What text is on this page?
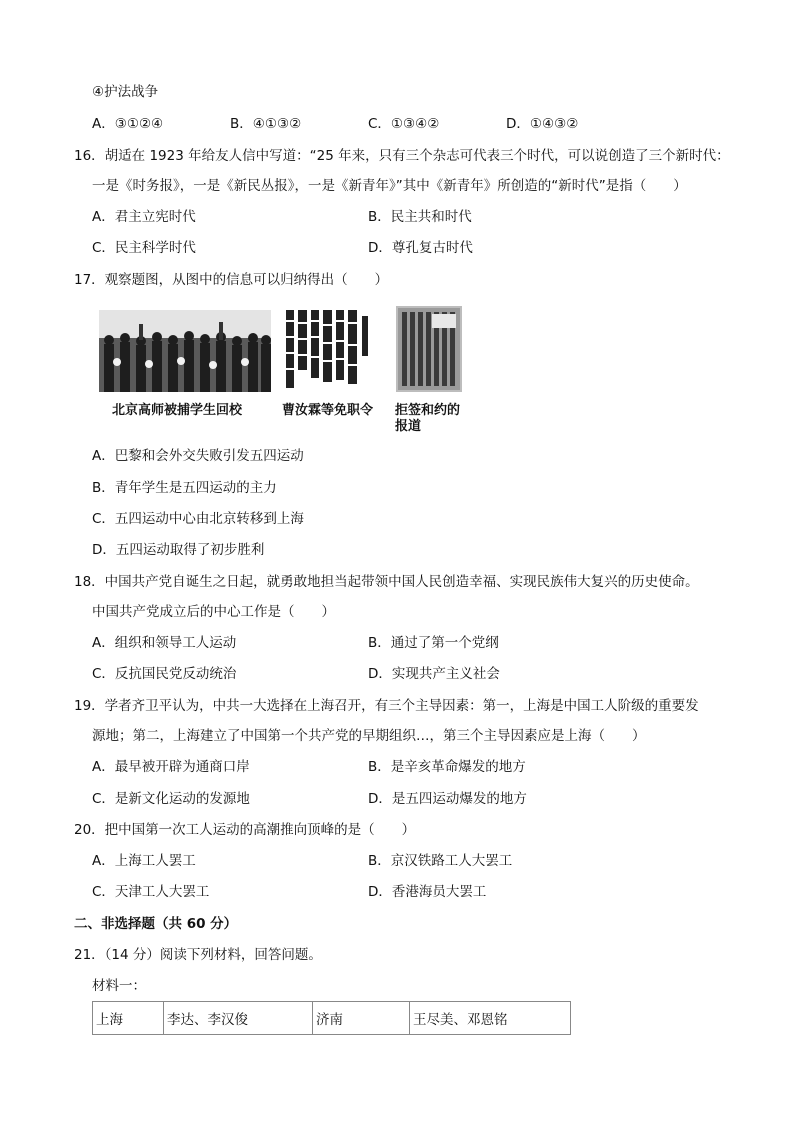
④护法战争
A．③①②④	B．④①③②	C．①③④②	D．①④③②
16．胡适在 1923 年给友人信中写道：“25 年来，只有三个杂志可代表三个时代，可以说创造了三个新时代：
一是《时务报》，一是《新民丛报》，一是《新青年》”其中《新青年》所创造的“新时代”是指（　　）
A．君主立宪时代	B．民主共和时代
C．民主科学时代	D．尊孔复古时代
17．观察题图，从图中的信息可以归纳得出（　　）
北京高师被捕学生回校	曹汝霖等免职令 拒签和约的
报道
A．巴黎和会外交失败引发五四运动
B．青年学生是五四运动的主力
C．五四运动中心由北京转移到上海
D．五四运动取得了初步胜利
18．中国共产党自诞生之日起，就勇敢地担当起带领中国人民创造幸福、实现民族伟大复兴的历史使命。
中国共产党成立后的中心工作是（　　）
A．组织和领导工人运动	B．通过了第一个党纲
C．反抗国民党反动统治	D．实现共产主义社会
19．学者齐卫平认为，中共一大选择在上海召开，有三个主导因素：第一，上海是中国工人阶级的重要发
源地；第二，上海建立了中国第一个共产党的早期组织…，第三个主导因素应是上海（　　）
A．最早被开辟为通商口岸	B．是辛亥革命爆发的地方
C．是新文化运动的发源地	D．是五四运动爆发的地方
20．把中国第一次工人运动的高潮推向顶峰的是（　　）
A．上海工人罢工	B．京汉铁路工人大罢工
C．天津工人大罢工	D．香港海员大罢工
二、非选择题（共 60 分）
21．（14 分）阅读下列材料，回答问题。
材料一：
上海	李达、李汉俊	济南	王尽美、邓恩铭
